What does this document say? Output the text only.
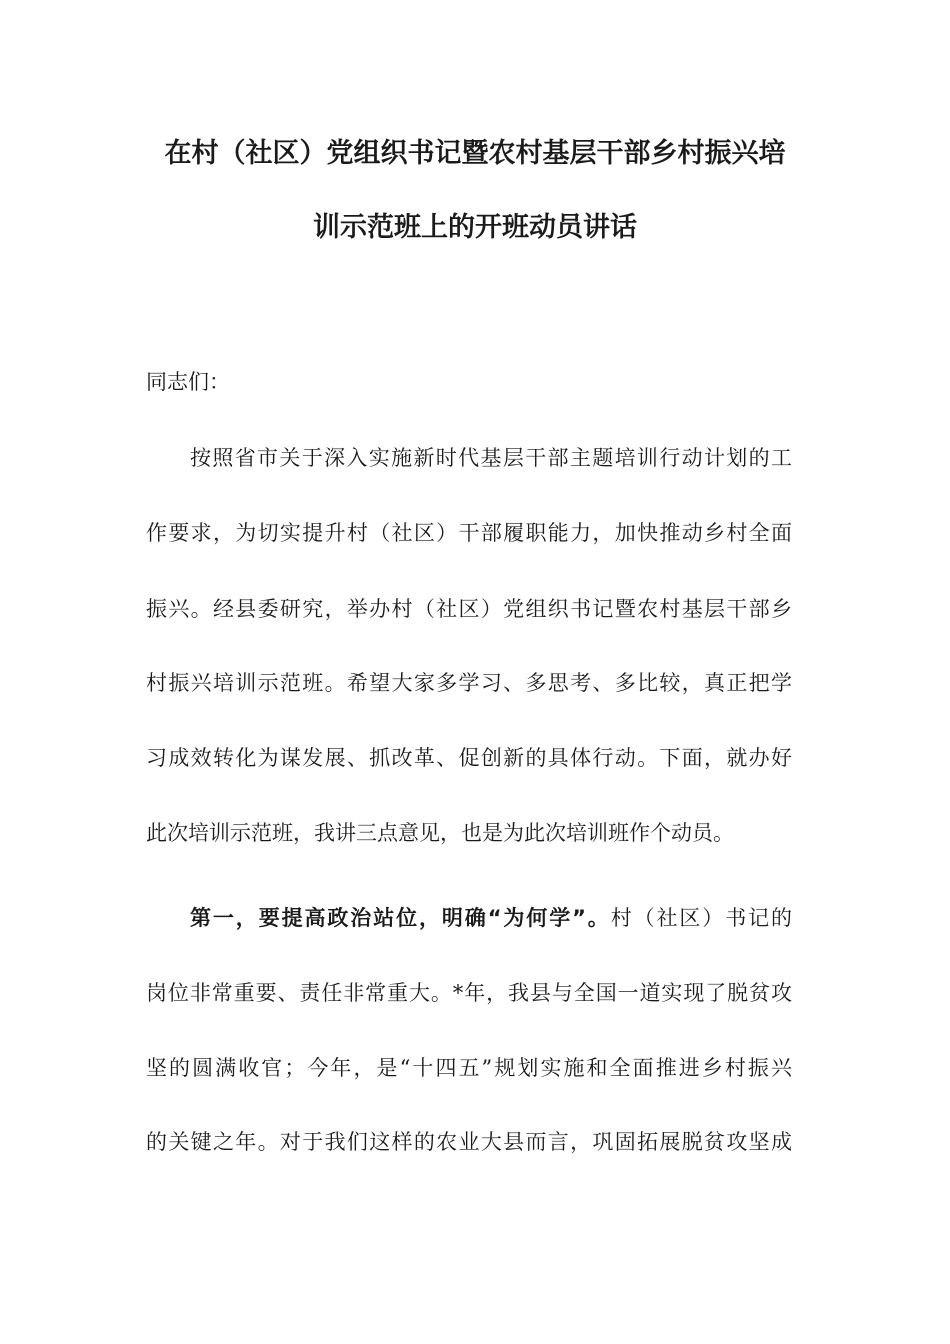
在村（社区）党组织书记暨农村基层干部乡村振兴培
训示范班上的开班动员讲话
同志们：
按照省市关于深入实施新时代基层干部主题培训行动计划的工
作要求，为切实提升村（社区）干部履职能力，加快推动乡村全面
振兴。经县委研究，举办村（社区）党组织书记暨农村基层干部乡
村振兴培训示范班。希望大家多学习、多思考、多比较，真正把学
习成效转化为谋发展、抓改革、促创新的具体行动。下面，就办好
此次培训示范班，我讲三点意见，也是为此次培训班作个动员。
第一，要提高政治站位，明确“为何学”。村（社区）书记的
岗位非常重要、责任非常重大。*年，我县与全国一道实现了脱贫攻
坚的圆满收官；今年，是“十四五”规划实施和全面推进乡村振兴
的关键之年。对于我们这样的农业大县而言，巩固拓展脱贫攻坚成
